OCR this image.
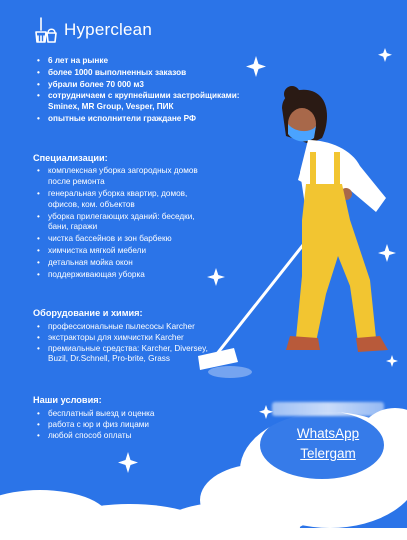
Hyperclean
• 6 лет на рынке
• более 1000 выполненных заказов
• убрали более 70 000 м3
• сотрудничаем с крупнейшими застройщиками: Sminex, MR Group, Vesper, ПИК
• опытные исполнители граждане РФ
Специализации:
• комплексная уборка загородных домов после ремонта
• генеральная уборка квартир, домов, офисов, ком. объектов
• уборка прилегающих зданий: беседки, бани, гаражи
• чистка бассейнов и зон барбекю
• химчистка мягкой мебели
• детальная мойка окон
• поддерживающая уборка
Оборудование и химия:
• профессиональные пылесосы Karcher
• экстракторы для химчистки Karcher
• премиальные средства: Karcher, Diversey, Buzil, Dr.Schnell, Pro-brite, Grass
Наши условия:
• бесплатный выезд и оценка
• работа с юр и физ лицами
• любой способ оплаты	WhatsApp
Telergam
Avito
